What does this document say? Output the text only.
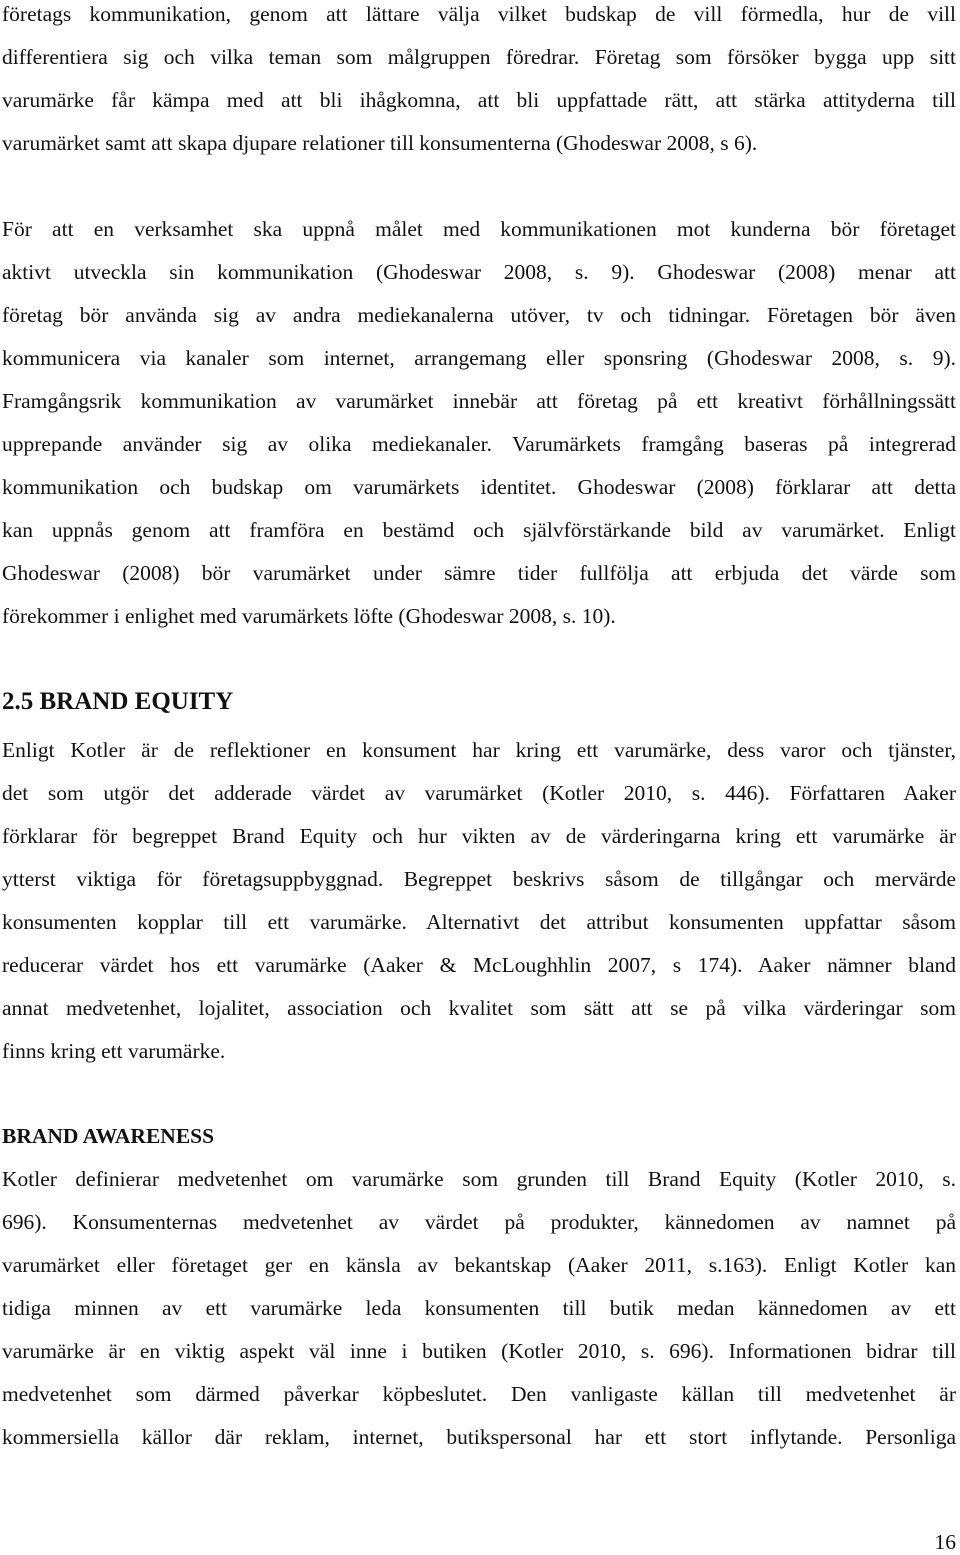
företags kommunikation, genom att lättare välja vilket budskap de vill förmedla, hur de vill

differentiera sig och vilka teman som målgruppen föredrar. Företag som försöker bygga upp sitt

varumärke får kämpa med att bli ihågkomna, att bli uppfattade rätt, att stärka attityderna till

varumärket samt att skapa djupare relationer till konsumenterna (Ghodeswar 2008, s 6).

För att en verksamhet ska uppnå målet med kommunikationen mot kunderna bör företaget

aktivt utveckla sin kommunikation (Ghodeswar 2008, s. 9). Ghodeswar (2008) menar att

företag bör använda sig av andra mediekanalerna utöver, tv och tidningar. Företagen bör även

kommunicera via kanaler som internet, arrangemang eller sponsring (Ghodeswar 2008, s. 9).

Framgångsrik kommunikation av varumärket innebär att företag på ett kreativt förhållningssätt

upprepande använder sig av olika mediekanaler. Varumärkets framgång baseras på integrerad

kommunikation och budskap om varumärkets identitet. Ghodeswar (2008) förklarar att detta

kan uppnås genom att framföra en bestämd och självförstärkande bild av varumärket. Enligt

Ghodeswar (2008) bör varumärket under sämre tider fullfölja att erbjuda det värde som

förekommer i enlighet med varumärkets löfte (Ghodeswar 2008, s. 10).

2.5 BRAND EQUITY

Enligt Kotler är de reflektioner en konsument har kring ett varumärke, dess varor och tjänster,

det som utgör det adderade värdet av varumärket (Kotler 2010, s. 446). Författaren Aaker

förklarar för begreppet Brand Equity och hur vikten av de värderingarna kring ett varumärke är

ytterst viktiga för företagsuppbyggnad. Begreppet beskrivs såsom de tillgångar och mervärde

konsumenten kopplar till ett varumärke. Alternativt det attribut konsumenten uppfattar såsom

reducerar värdet hos ett varumärke (Aaker & McLoughhlin 2007, s 174). Aaker nämner bland

annat medvetenhet, lojalitet, association och kvalitet som sätt att se på vilka värderingar som

finns kring ett varumärke.

BRAND AWARENESS

Kotler definierar medvetenhet om varumärke som grunden till Brand Equity (Kotler 2010, s.

696). Konsumenternas medvetenhet av värdet på produkter, kännedomen av namnet på

varumärket eller företaget ger en känsla av bekantskap (Aaker 2011, s.163). Enligt Kotler kan

tidiga minnen av ett varumärke leda konsumenten till butik medan kännedomen av ett

varumärke är en viktig aspekt väl inne i butiken (Kotler 2010, s. 696). Informationen bidrar till

medvetenhet som därmed påverkar köpbeslutet. Den vanligaste källan till medvetenhet är

kommersiella källor där reklam, internet, butikspersonal har ett stort inflytande. Personliga

16
